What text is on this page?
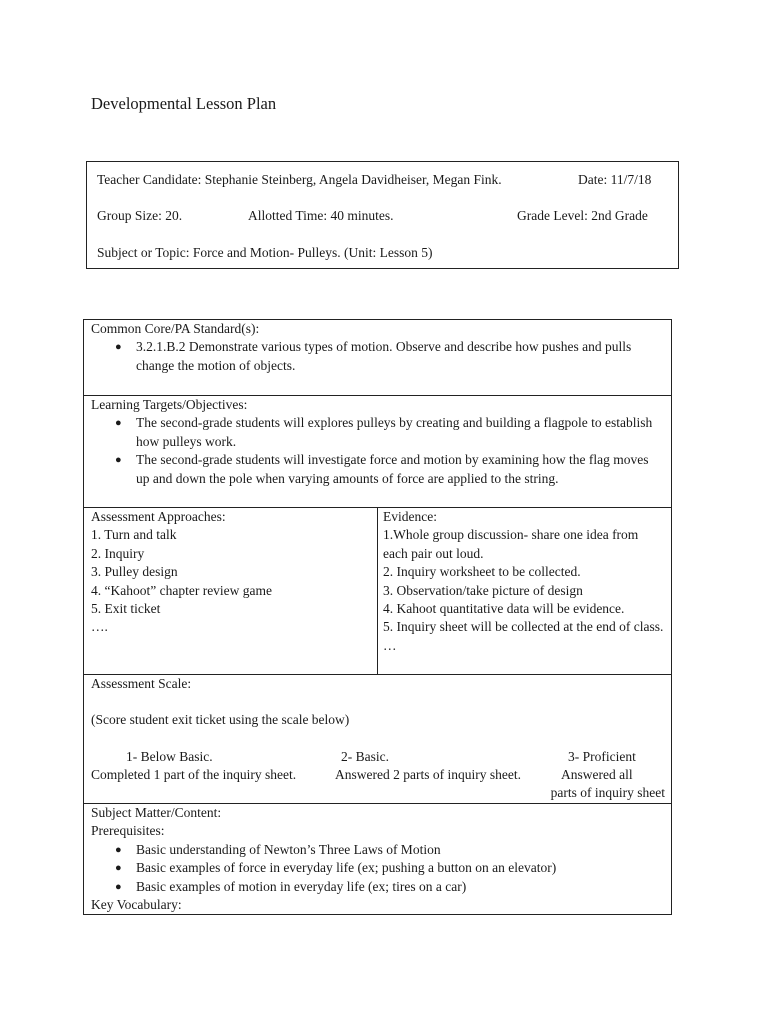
Developmental Lesson Plan
Teacher Candidate: Stephanie Steinberg, Angela Davidheiser, Megan Fink.	Date: 11/7/18
Group Size: 20.	Allotted Time: 40 minutes.	Grade Level: 2nd Grade
Subject or Topic: Force and Motion- Pulleys. (Unit: Lesson 5)
Common Core/PA Standard(s):
● 3.2.1.B.2 Demonstrate various types of motion. Observe and describe how pushes and pulls change the motion of objects.

Learning Targets/Objectives:
● The second-grade students will explores pulleys by creating and building a flagpole to establish how pulleys work.
● The second-grade students will investigate force and motion by examining how the flag moves up and down the pole when varying amounts of force are applied to the string.

Assessment Approaches:
1. Turn and talk
2. Inquiry
3. Pulley design
4. “Kahoot” chapter review game
5. Exit ticket
….

Evidence:
1.Whole group discussion- share one idea from each pair out loud.
2. Inquiry worksheet to be collected.
3. Observation/take picture of design
4. Kahoot quantitative data will be evidence.
5. Inquiry sheet will be collected at the end of class.
…

Assessment Scale:
(Score student exit ticket using the scale below)
1- Below Basic.	2- Basic.	3- Proficient
Completed 1 part of the inquiry sheet.	Answered 2 parts of inquiry sheet.	Answered all
parts of inquiry sheet

Subject Matter/Content:
Prerequisites:
● Basic understanding of Newton’s Three Laws of Motion
● Basic examples of force in everyday life (ex; pushing a button on an elevator)
● Basic examples of motion in everyday life (ex; tires on a car)
Key Vocabulary:
